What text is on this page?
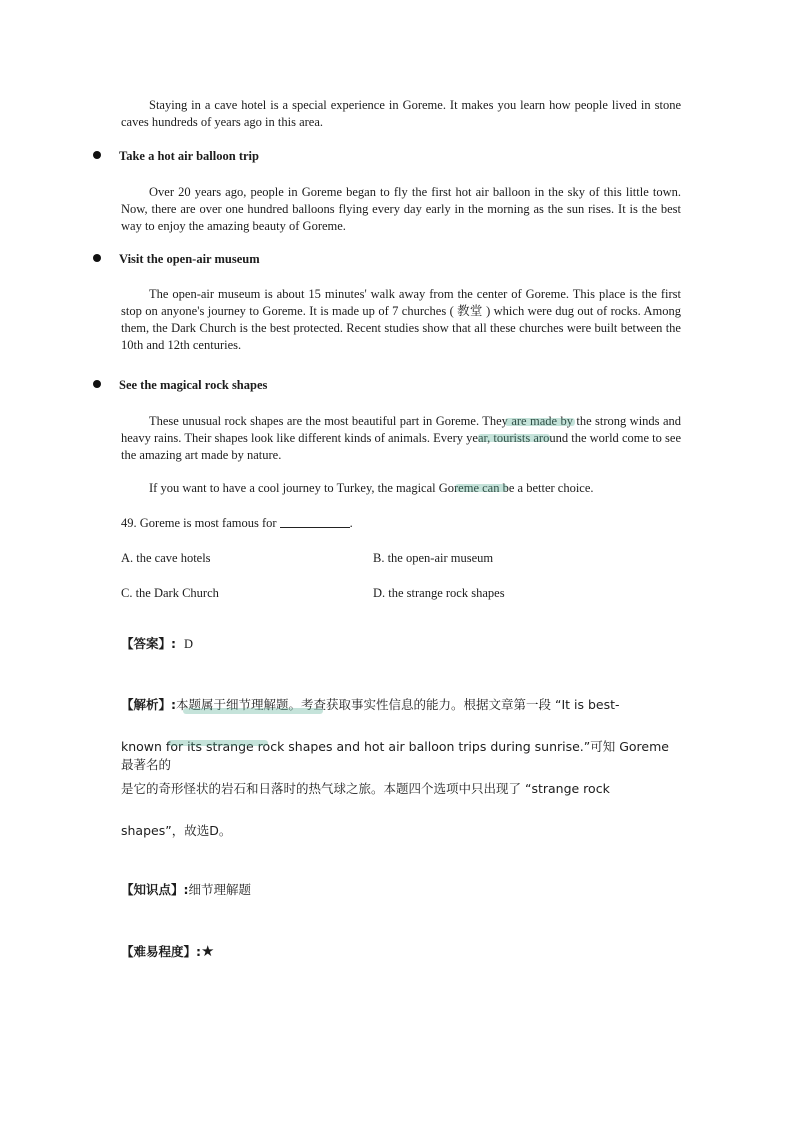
Staying in a cave hotel is a special experience in Goreme. It makes you learn how people lived in stone caves hundreds of years ago in this area.
Take a hot air balloon trip
Over 20 years ago, people in Goreme began to fly the first hot air balloon in the sky of this little town. Now, there are over one hundred balloons flying every day early in the morning as the sun rises. It is the best way to enjoy the amazing beauty of Goreme.
Visit the open-air museum
The open-air museum is about 15 minutes' walk away from the center of Goreme. This place is the first stop on anyone's journey to Goreme. It is made up of 7 churches ( 教堂 ) which were dug out of rocks. Among them, the Dark Church is the best protected. Recent studies show that all these churches were built between the 10th and 12th centuries.
See the magical rock shapes
These unusual rock shapes are the most beautiful part in Goreme. They are made by the strong winds and heavy rains. Their shapes look like different kinds of animals. Every year, tourists around the world come to see the amazing art made by nature.
If you want to have a cool journey to Turkey, the magical Goreme can be a better choice.
49. Goreme is most famous for	.
A. the cave hotels	B. the open-air museum
C. the Dark Church	D. the strange rock shapes
【答案】: D
【解析】:本题属于细节理解题。考查获取事实性信息的能力。根据文章第一段 “It is best-
known for its strange rock shapes and hot air balloon trips during sunrise.”可知 Goreme 最著名的
是它的奇形怪状的岩石和日落时的热气球之旅。本题四个选项中只出现了 “strange rock
shapes”，故选D。
【知识点】:细节理解题
【难易程度】:★
